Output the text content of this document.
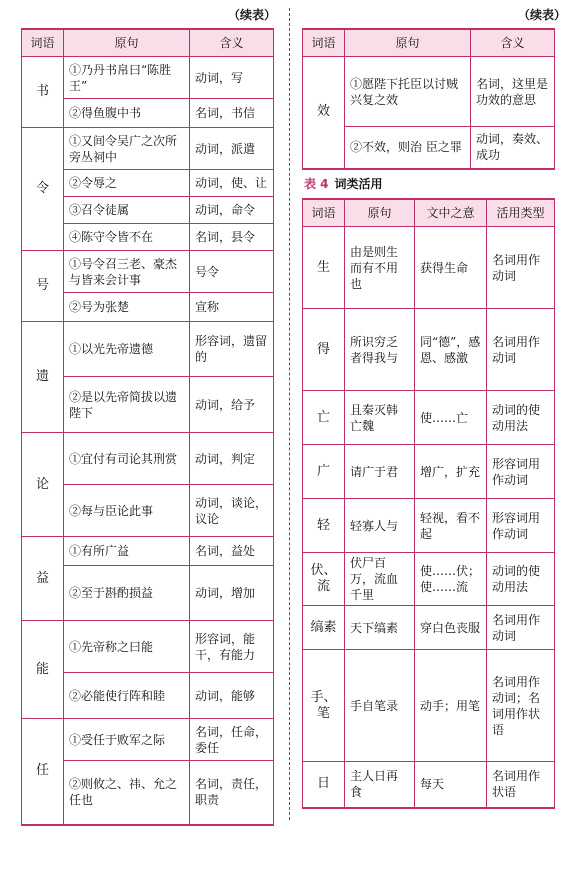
（续表）	（续表）
词语	原句	含义
书	①乃丹书帛曰“陈胜王”	动词，写
	②得鱼腹中书	名词，书信
令	①又间令吴广之次所旁丛祠中	动词，派遣
	②令辱之	动词，使、让
	③召令徒属	动词，命令
	④陈守令皆不在	名词，县令
号	①号令召三老、豪杰与皆来会计事	号令
	②号为张楚	宣称
遗	①以光先帝遗德	形容词，遗留的
	②是以先帝简拔以遗陛下	动词，给予
论	①宜付有司论其刑赏	动词，判定
	②每与臣论此事	动词，谈论，议论
益	①有所广益	名词，益处
	②至于斟酌损益	动词，增加
能	①先帝称之曰能	形容词，能干，有能力
	②必能使行阵和睦	动词，能够
任	①受任于败军之际	名词，任命，委任
	②则攸之、祎、允之任也	名词，责任，职责
词语	原句	含义
效	①愿陛下托臣以讨贼兴复之效	名词，这里是功效的意思
	②不效，则治 臣之罪	动词，奏效、成功
表 4 词类活用
词语	原句	文中之意	活用类型
生	由是则生而有不用也	获得生命	名词用作动词
得	所识穷乏者得我与	同“德”，感恩、感激	名词用作动词
亡	且秦灭韩亡魏	使……亡	动词的使动用法
广	请广于君	增广，扩充	形容词用作动词
轻	轻寡人与	轻视，看不起	形容词用作动词
伏、流	伏尸百万，流血千里	使……伏；使……流	动词的使动用法
缟素	天下缟素	穿白色丧服	名词用作动词
手、笔	手自笔录	动手；用笔	名词用作动词；名词用作状语
日	主人日再食	每天	名词用作状语
